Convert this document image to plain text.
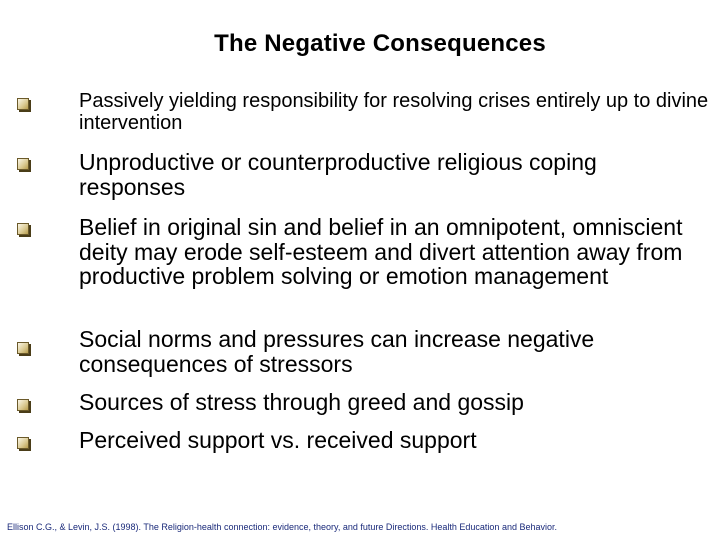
The Negative Consequences
Passively yielding responsibility for resolving crises entirely up to divine intervention
Unproductive or counterproductive religious coping responses
Belief in original sin and belief in an omnipotent, omniscient deity may erode self-esteem and divert attention away from productive problem solving or emotion management
Social norms and pressures can increase negative consequences of stressors
Sources of stress through greed and gossip
Perceived support vs. received support
Ellison C.G., & Levin, J.S. (1998). The Religion-health connection: evidence, theory, and future Directions. Health Education and Behavior.
